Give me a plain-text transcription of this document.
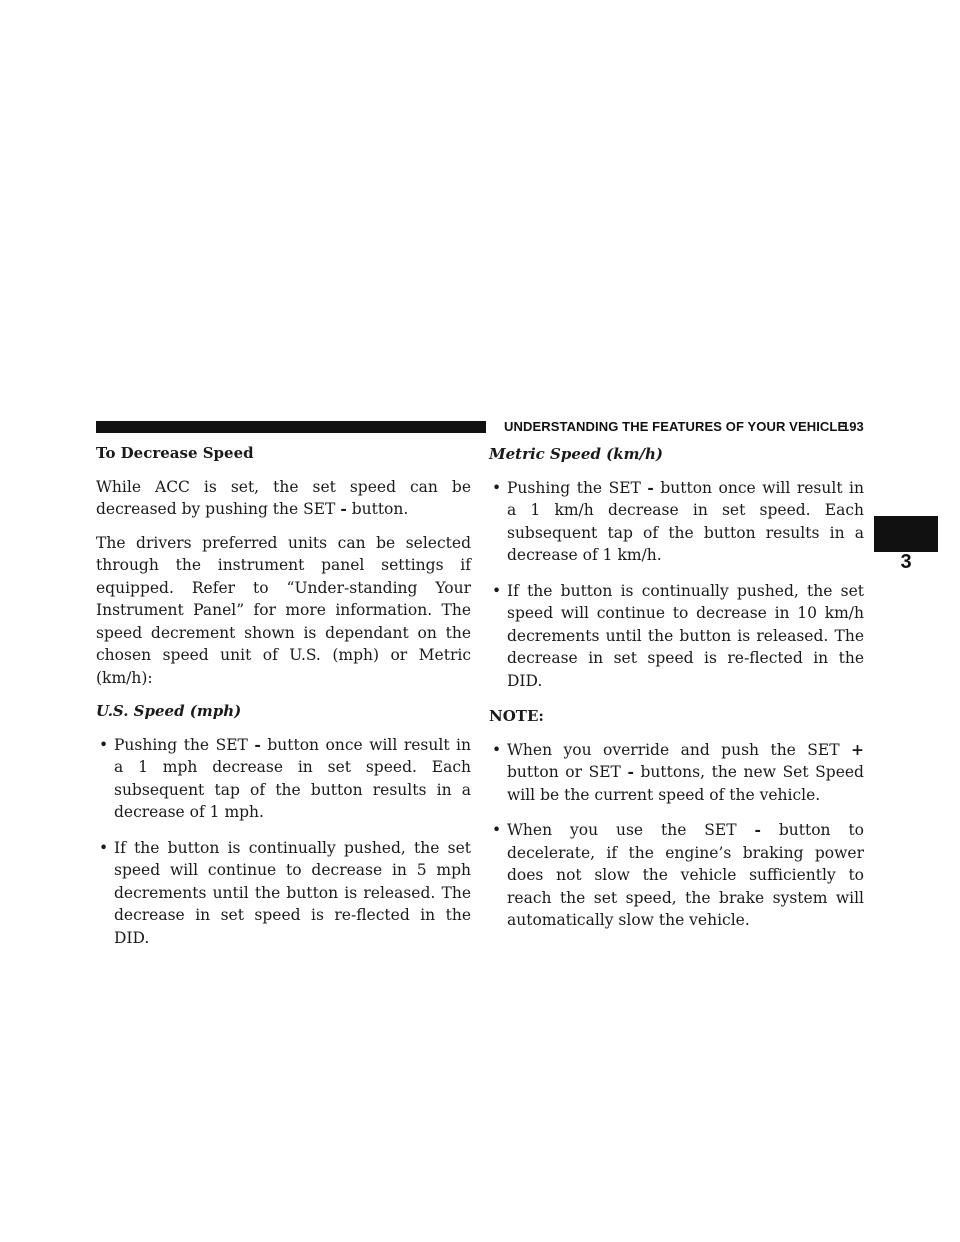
UNDERSTANDING THE FEATURES OF YOUR VEHICLE
193
3

To Decrease Speed

While ACC is set, the set speed can be decreased by pushing the SET - button.

The drivers preferred units can be selected through the instrument panel settings if equipped. Refer to “Under-standing Your Instrument Panel” for more information. The speed decrement shown is dependant on the chosen speed unit of U.S. (mph) or Metric (km/h):

U.S. Speed (mph)

• Pushing the SET - button once will result in a 1 mph decrease in set speed. Each subsequent tap of the button results in a decrease of 1 mph.
• If the button is continually pushed, the set speed will continue to decrease in 5 mph decrements until the button is released. The decrease in set speed is re-flected in the DID.

Metric Speed (km/h)

• Pushing the SET - button once will result in a 1 km/h decrease in set speed. Each subsequent tap of the button results in a decrease of 1 km/h.
• If the button is continually pushed, the set speed will continue to decrease in 10 km/h decrements until the button is released. The decrease in set speed is re-flected in the DID.

NOTE:

• When you override and push the SET + button or SET - buttons, the new Set Speed will be the current speed of the vehicle.
• When you use the SET - button to decelerate, if the engine’s braking power does not slow the vehicle sufficiently to reach the set speed, the brake system will automatically slow the vehicle.
